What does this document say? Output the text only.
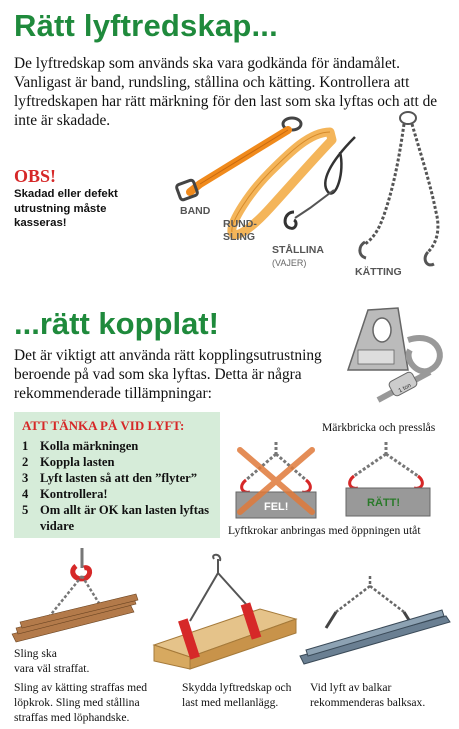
Rätt lyftredskap...
De lyftredskap som används ska vara godkända för ändamålet. Vanligast är band, rundsling, stållina och kätting. Kontrollera att lyftredskapen har rätt märkning för den last som ska lyftas och att de inte är skadade.
OBS!
Skadad eller defekt utrustning måste kasseras!
BAND
RUND-
SLING
STÅLLINA
(VAJER)
KÄTTING
...rätt kopplat!
Det är viktigt att använda rätt kopplingsutrustning beroende på vad som ska lyftas. Detta är några rekommenderade tillämpningar:	1 ton
Märkbricka och presslås
ATT TÄNKA PÅ VID LYFT:
1 Kolla märkningen
2 Koppla lasten
3 Lyft lasten så att den ”flyter”
4 Kontrollera!
5 Om allt är OK kan lasten lyftas vidare
FEL!	RÄTT!
Lyftkrokar anbringas med öppningen utåt
Sling ska
vara väl straffat.
Sling av kätting straffas med löpkrok. Sling med stållina straffas med löphandske.
Skydda lyftredskap och last med mellanlägg.
Vid lyft av balkar rekommenderas balksax.
